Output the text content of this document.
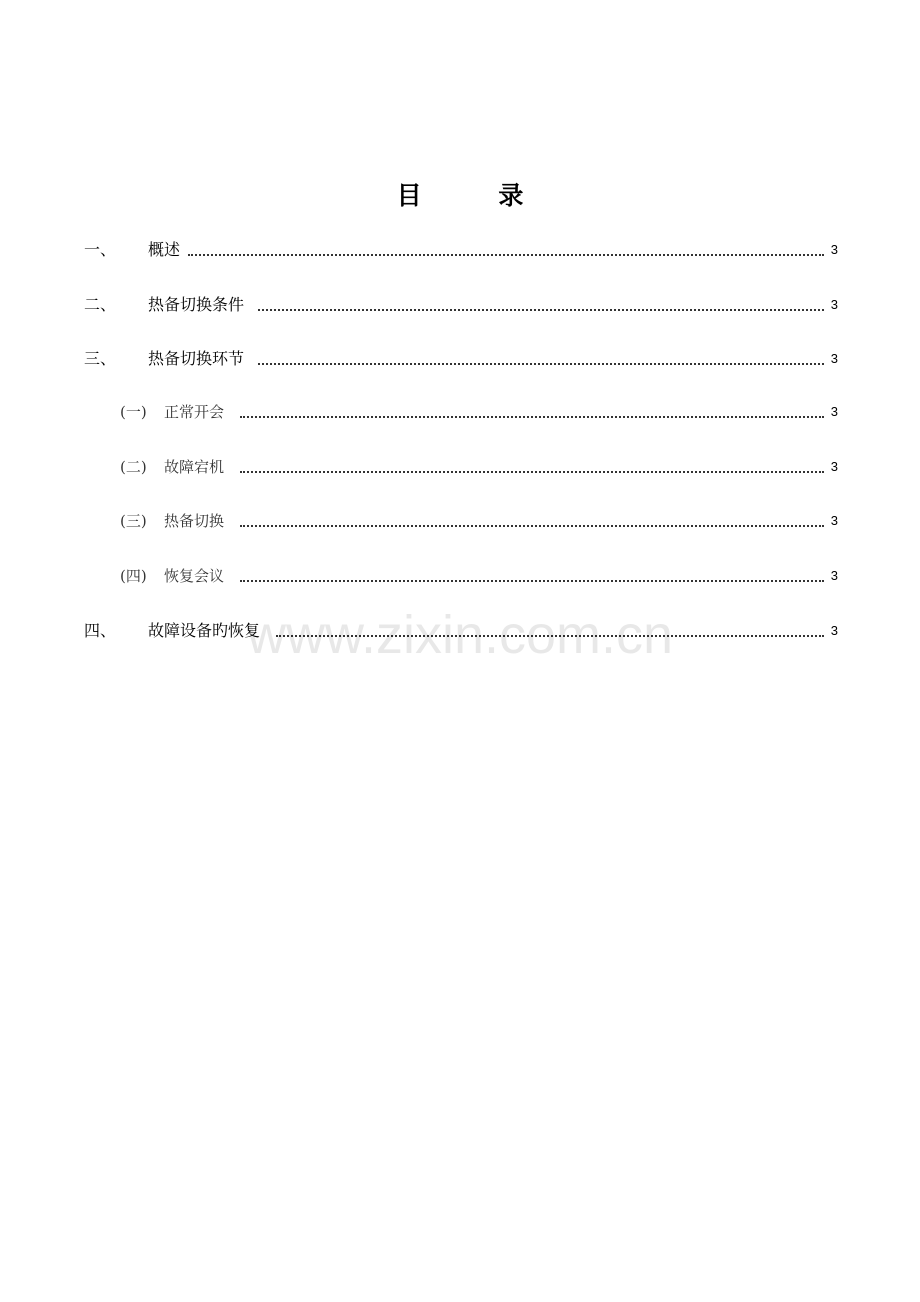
目 录
一、 概述	3
二、 热备切换条件	3
三、 热备切换环节	3
(一) 正常开会	3
(二) 故障宕机	3
(三) 热备切换	3
(四) 恢复会议	3
四、 故障设备旳恢复	3
www.zixin.com.cn
